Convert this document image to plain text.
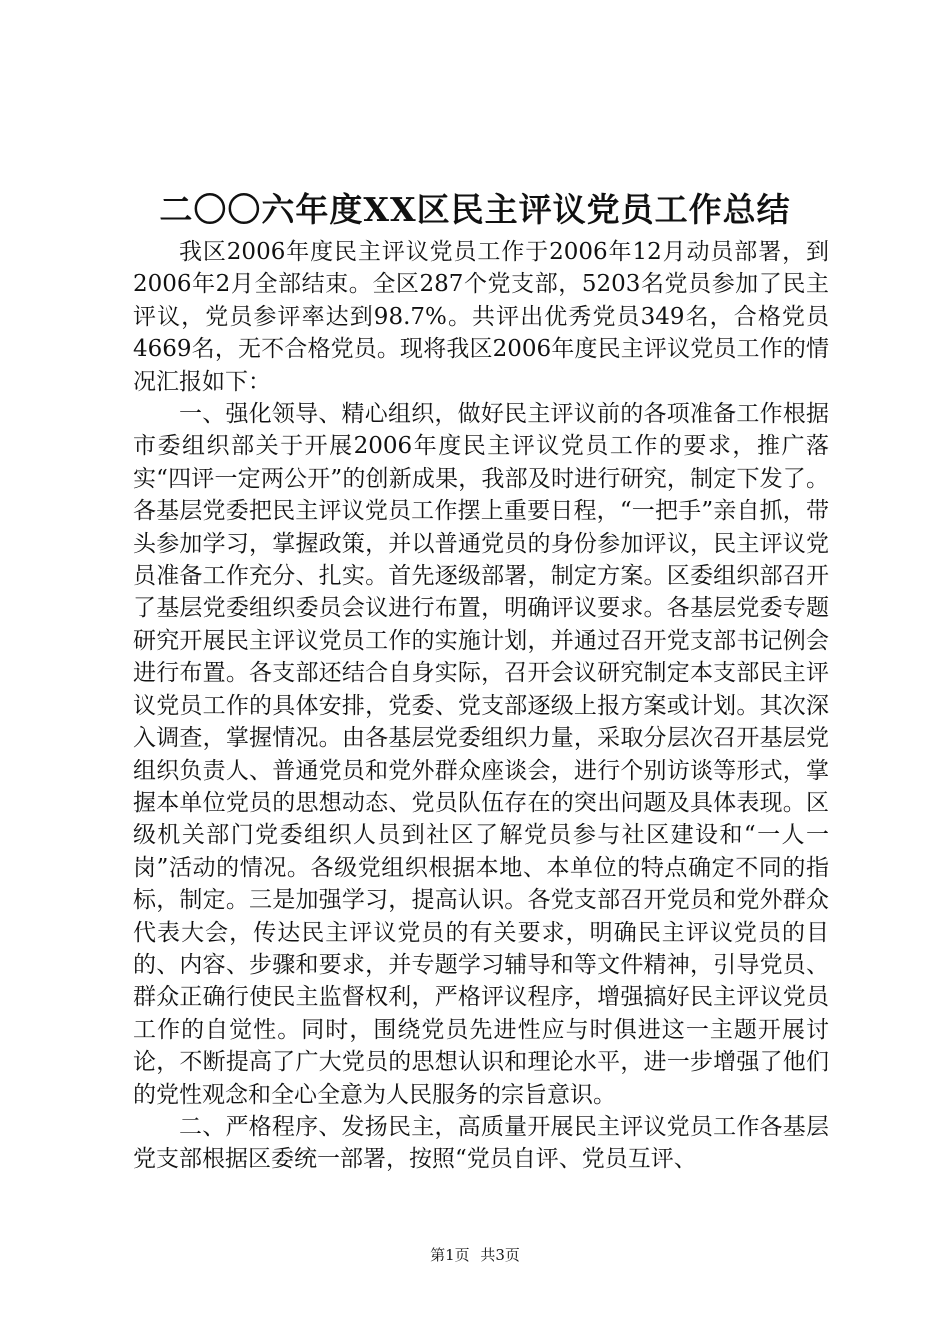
二〇〇六年度XX区民主评议党员工作总结

我区2006年度民主评议党员工作于2006年12月动员部署，到2006年2月全部结束。全区287个党支部，5203名党员参加了民主评议，党员参评率达到98.7%。共评出优秀党员349名，合格党员4669名，无不合格党员。现将我区2006年度民主评议党员工作的情况汇报如下：

一、强化领导、精心组织，做好民主评议前的各项准备工作根据市委组织部关于开展2006年度民主评议党员工作的要求，推广落实“四评一定两公开”的创新成果，我部及时进行研究，制定下发了。各基层党委把民主评议党员工作摆上重要日程，“一把手”亲自抓，带头参加学习，掌握政策，并以普通党员的身份参加评议，民主评议党员准备工作充分、扎实。首先逐级部署，制定方案。区委组织部召开了基层党委组织委员会议进行布置，明确评议要求。各基层党委专题研究开展民主评议党员工作的实施计划，并通过召开党支部书记例会进行布置。各支部还结合自身实际，召开会议研究制定本支部民主评议党员工作的具体安排，党委、党支部逐级上报方案或计划。其次深入调查，掌握情况。由各基层党委组织力量，采取分层次召开基层党组织负责人、普通党员和党外群众座谈会，进行个别访谈等形式，掌握本单位党员的思想动态、党员队伍存在的突出问题及具体表现。区级机关部门党委组织人员到社区了解党员参与社区建设和“一人一岗”活动的情况。各级党组织根据本地、本单位的特点确定不同的指标，制定。三是加强学习，提高认识。各党支部召开党员和党外群众代表大会，传达民主评议党员的有关要求，明确民主评议党员的目的、内容、步骤和要求，并专题学习辅导和等文件精神，引导党员、群众正确行使民主监督权利，严格评议程序，增强搞好民主评议党员工作的自觉性。同时，围绕党员先进性应与时俱进这一主题开展讨论，不断提高了广大党员的思想认识和理论水平，进一步增强了他们的党性观念和全心全意为人民服务的宗旨意识。

二、严格程序、发扬民主，高质量开展民主评议党员工作各基层党支部根据区委统一部署，按照“党员自评、党员互评、

第1页 共3页
